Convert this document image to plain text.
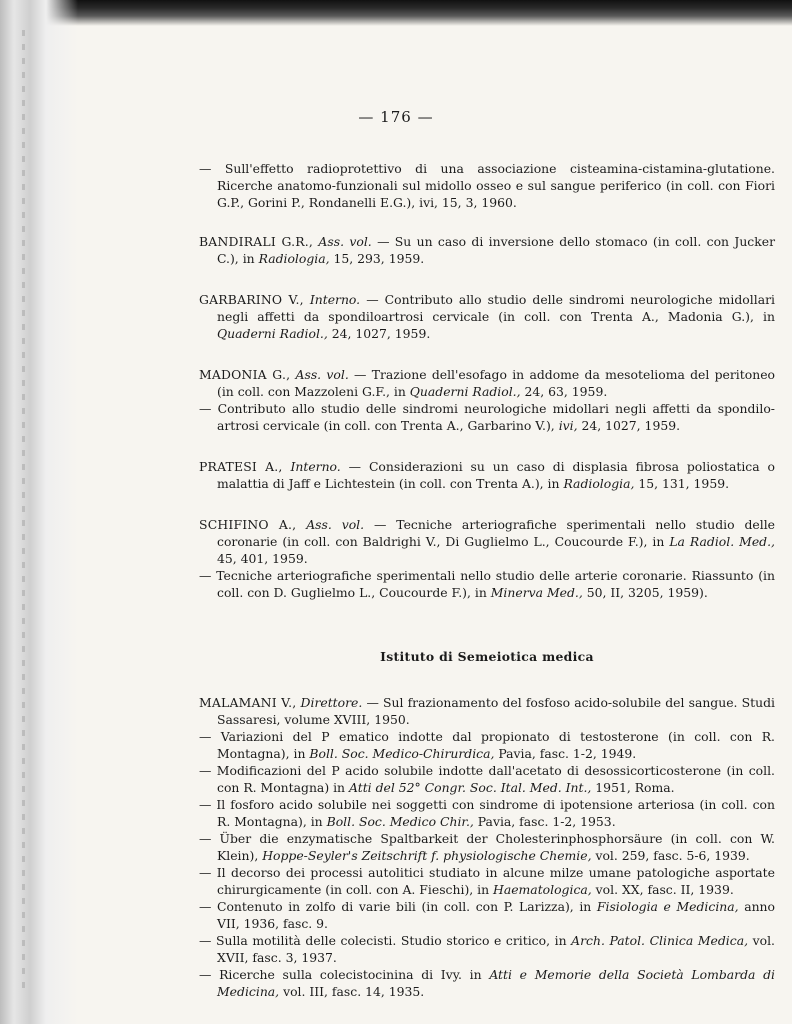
— 176 —

— Sull'effetto radioprotettivo di una associazione cisteamina-cistamina-glutatione. Ricerche anatomo-funzionali sul midollo osseo e sul sangue periferico (in coll. con Fiori G.P., Gorini P., Rondanelli E.G.), ivi, 15, 3, 1960.

BANDIRALI G.R., Ass. vol. — Su un caso di inversione dello stomaco (in coll. con Jucker C.), in Radiologia, 15, 293, 1959.

GARBARINO V., Interno. — Contributo allo studio delle sindromi neurologiche midollari negli affetti da spondiloartrosi cervicale (in coll. con Trenta A., Madonia G.), in Quaderni Radiol., 24, 1027, 1959.

MADONIA G., Ass. vol. — Trazione dell'esofago in addome da mesotelioma del peritoneo (in coll. con Mazzoleni G.F., in Quaderni Radiol., 24, 63, 1959.

— Contributo allo studio delle sindromi neurologiche midollari negli affetti da spondilo-artrosi cervicale (in coll. con Trenta A., Garbarino V.), ivi, 24, 1027, 1959.

PRATESI A., Interno. — Considerazioni su un caso di displasia fibrosa poliostatica o malattia di Jaff e Lichtestein (in coll. con Trenta A.), in Radiologia, 15, 131, 1959.

SCHIFINO A., Ass. vol. — Tecniche arteriografiche sperimentali nello studio delle coronarie (in coll. con Baldrighi V., Di Guglielmo L., Coucourde F.), in La Radiol. Med., 45, 401, 1959.

— Tecniche arteriografiche sperimentali nello studio delle arterie coronarie. Riassunto (in coll. con D. Guglielmo L., Coucourde F.), in Minerva Med., 50, II, 3205, 1959).

Istituto di Semeiotica medica

MALAMANI V., Direttore. — Sul frazionamento del fosfoso acido-solubile del sangue. Studi Sassaresi, volume XVIII, 1950.

— Variazioni del P ematico indotte dal propionato di testosterone (in coll. con R. Montagna), in Boll. Soc. Medico-Chirurdica, Pavia, fasc. 1-2, 1949.

— Modificazioni del P acido solubile indotte dall'acetato di desossicorticosterone (in coll. con R. Montagna) in Atti del 52° Congr. Soc. Ital. Med. Int., 1951, Roma.

— Il fosforo acido solubile nei soggetti con sindrome di ipotensione arteriosa (in coll. con R. Montagna), in Boll. Soc. Medico Chir., Pavia, fasc. 1-2, 1953.

— Über die enzymatische Spaltbarkeit der Cholesterinphosphorsäure (in coll. con W. Klein), Hoppe-Seyler's Zeitschrift f. physiologische Chemie, vol. 259, fasc. 5-6, 1939.

— Il decorso dei processi autolitici studiato in alcune milze umane patologiche asportate chirurgicamente (in coll. con A. Fieschi), in Haematologica, vol. XX, fasc. II, 1939.

— Contenuto in zolfo di varie bili (in coll. con P. Larizza), in Fisiologia e Medicina, anno VII, 1936, fasc. 9.

— Sulla motilità delle colecisti. Studio storico e critico, in Arch. Patol. Clinica Medica, vol. XVII, fasc. 3, 1937.

— Ricerche sulla colecistocinina di Ivy. in Atti e Memorie della Società Lombarda di Medicina, vol. III, fasc. 14, 1935.
